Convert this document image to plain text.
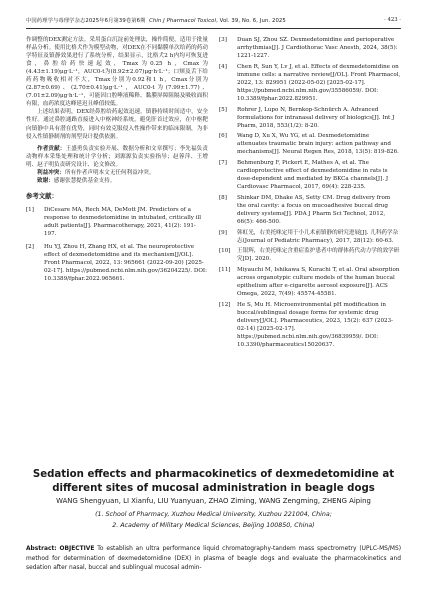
中国药理学与毒理学杂志2025年6月第39卷第6期 Chin J Pharmacol Toxicol, Vol. 39, No. 6, Jun. 2025	· 423 ·

作调整的DEX测定方法。采用蛋白沉淀前处理法，操作简便，适用于批量样品分析。使用比格犬作为模型动物，对DEX在不同黏膜单次给药的药动学特征及镇静效果进行了系统分析，结果显示，比格犬2 h内均可恢复进食，鼻腔给药快速起效，Tmax为0.25 h，Cmax为(4.43±1.19)μg·L⁻¹，AUC0-t为(8.92±2.07)μg·h·L⁻¹；口颊及舌下给药药物吸收相对不大，Tmax分别为0.92和1 h，Cmax分别为(2.87±0.69)、(2.70±0.41)μg·L⁻¹，AUC0-t为(7.99±1.77)、(7.01±2.09)μg·h·L⁻¹，可能因口腔唾液稀释、黏膜屏障阻隔及吸收面积有限，血药浓度达峰延迟且峰值较低。

上述结果表明，DEX经鼻腔给药起效迅速，镇静持续时间适中，安全性好。通过鼻腔通路直接进入中枢神经系统，避免肝首过效应，在中枢靶向镇静中具有潜在优势，同时有效克服侵入性操作带来的临床限制，为非侵入性镇静制剂的剂型设计提供依据。

作者贡献：王盛勇负责实验开展、数据分析和文章撰写；李先福负责动物样本采集处理和统计学分析；刘源源负责实验指导；赵蓉萍、王增明、赵子明负责研究设计、论文修改。

利益冲突：所有作者声明本文无任何利益冲突。

致谢：感谢张慧提供基金支持。

参考文献：
[1]	DiCesare MA, Rech MA, DeMott JM. Predictors of a response to dexmedetomidine in intubated, critically ill adult patients[J]. Pharmacotherapy, 2021, 41(2): 191-197.
[2]	Hu YJ, Zhou H, Zhang HX, et al. The neuroprotective effect of dexmedetomidine and its mechanism[J/OL]. Front Pharmacol, 2022, 13: 965661 (2022-09-20) [2025-02-17]. https://pubmed.ncbi.nlm.nih.gov/36204225/. DOI: 10.3389/fphar.2022.965661.
[3]	Duan SJ, Zhou SZ. Dexmedetomidine and perioperative arrhythmias[J]. J Cardiothorac Vasc Anesth, 2024, 38(5): 1221-1227.
[4]	Chen R, Sun Y, Lv J, et al. Effects of dexmedetomidine on immune cells: a narrative review[J/OL]. Front Pharmacol, 2022, 13: 829951 (2022-05-02) [2025-02-17]. https://pubmed.ncbi.nlm.nih.gov/35586059/. DOI: 10.3389/fphar.2022.829951.
[5]	Rohrer J, Lupo N, Bernkop-Schnürch A. Advanced formulations for intranasal delivery of biologics[J]. Int J Pharm, 2018, 553(1/2): 8-20.
[6]	Wang D, Xu X, Wu YG, et al. Dexmedetomidine attenuates traumatic brain injury: action pathway and mechanisms[J]. Neural Regen Res, 2018, 13(5): 819-826.
[7]	Behmenburg F, Pickert E, Mathes A, et al. The cardioprotective effect of dexmedetomidine in rats is dose-dependent and mediated by BKCa channels[J]. J Cardiovasc Pharmacol, 2017, 69(4): 228-235.
[8]	Shinkar DM, Dhake AS, Setty CM. Drug delivery from the oral cavity: a focus on mucoadhesive buccal drug delivery systems[J]. PDA J Pharm Sci Technol, 2012, 66(5): 466-500.
[9]	韩虹光，右美托咪定用于小儿术前镇静的研究进展[J]. 儿科药学杂志(Journal of Pediatric Pharmacy), 2017, 28(12): 60-63.
[10]	王银辉，右美托咪定含重症监护患者中的群体药代动力学的效学研究[D]. 2020.
[11]	Miyauchi M, Ishikawa S, Kurachi T, et al. Oral absorption across organotypic culture models of the human buccal epithelium after e-cigarette aerosol exposure[J]. ACS Omega, 2022, 7(49): 45574-45581.
[12]	He S, Mu H. Microenvironmental pH modification in buccal/sublingual dosage forms for systemic drug delivery[J/OL]. Pharmaceutics, 2023, 15(2): 637 (2023-02-14) [2025-02-17]. https://pubmed.ncbi.nlm.nih.gov/36839959/. DOI: 10.3390/pharmaceutics15020637.
Sedation effects and pharmacokinetics of dexmedetomidine at
different sites of mucosal administration in beagle dogs
WANG Shengyuan, LI Xianfu, LIU Yuanyuan, ZHAO Ziming, WANG Zengming, ZHENG Aiping
(1. School of Pharmacy, Xuzhou Medical University, Xuzhou 221004, China;
2. Academy of Military Medical Sciences, Beijing 100850, China)
Abstract: OBJECTIVE To establish an ultra performance liquid chromatography-tandem mass spectrometry (UPLC-MS/MS) method for determination of dexmedetomidine (DEX) in plasma of beagle dogs and evaluate the pharmacokinetics and sedation after nasal, buccal and sublingual mucosal admin-
